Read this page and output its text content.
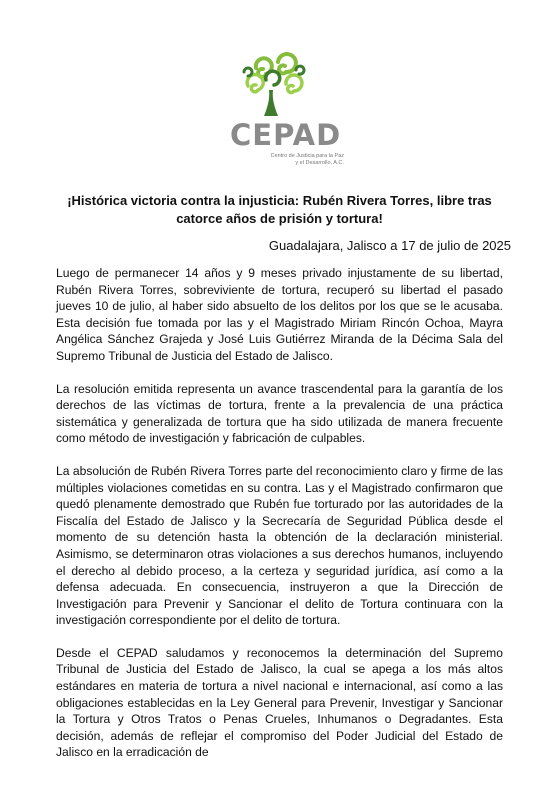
CEPAD
Centro de Justicia para la Paz
y el Desarrollo, A.C.
¡Histórica victoria contra la injusticia: Rubén Rivera Torres, libre tras catorce años de prisión y tortura!
Guadalajara, Jalisco a 17 de julio de 2025

Luego de permanecer 14 años y 9 meses privado injustamente de su libertad, Rubén Rivera Torres, sobreviviente de tortura, recuperó su libertad el pasado jueves 10 de julio, al haber sido absuelto de los delitos por los que se le acusaba. Esta decisión fue tomada por las y el Magistrado Miriam Rincón Ochoa, Mayra Angélica Sánchez Grajeda y José Luis Gutiérrez Miranda de la Décima Sala del Supremo Tribunal de Justicia del Estado de Jalisco.

La resolución emitida representa un avance trascendental para la garantía de los derechos de las víctimas de tortura, frente a la prevalencia de una práctica sistemática y generalizada de tortura que ha sido utilizada de manera frecuente como método de investigación y fabricación de culpables.

La absolución de Rubén Rivera Torres parte del reconocimiento claro y firme de las múltiples violaciones cometidas en su contra. Las y el Magistrado confirmaron que quedó plenamente demostrado que Rubén fue torturado por las autoridades de la Fiscalía del Estado de Jalisco y la Secrecaría de Seguridad Pública desde el momento de su detención hasta la obtención de la declaración ministerial. Asimismo, se determinaron otras violaciones a sus derechos humanos, incluyendo el derecho al debido proceso, a la certeza y seguridad jurídica, así como a la defensa adecuada. En consecuencia, instruyeron a que la Dirección de Investigación para Prevenir y Sancionar el delito de Tortura continuara con la investigación correspondiente por el delito de tortura.

Desde el CEPAD saludamos y reconocemos la determinación del Supremo Tribunal de Justicia del Estado de Jalisco, la cual se apega a los más altos estándares en materia de tortura a nivel nacional e internacional, así como a las obligaciones establecidas en la Ley General para Prevenir, Investigar y Sancionar la Tortura y Otros Tratos o Penas Crueles, Inhumanos o Degradantes. Esta decisión, además de reflejar el compromiso del Poder Judicial del Estado de Jalisco en la erradicación de
